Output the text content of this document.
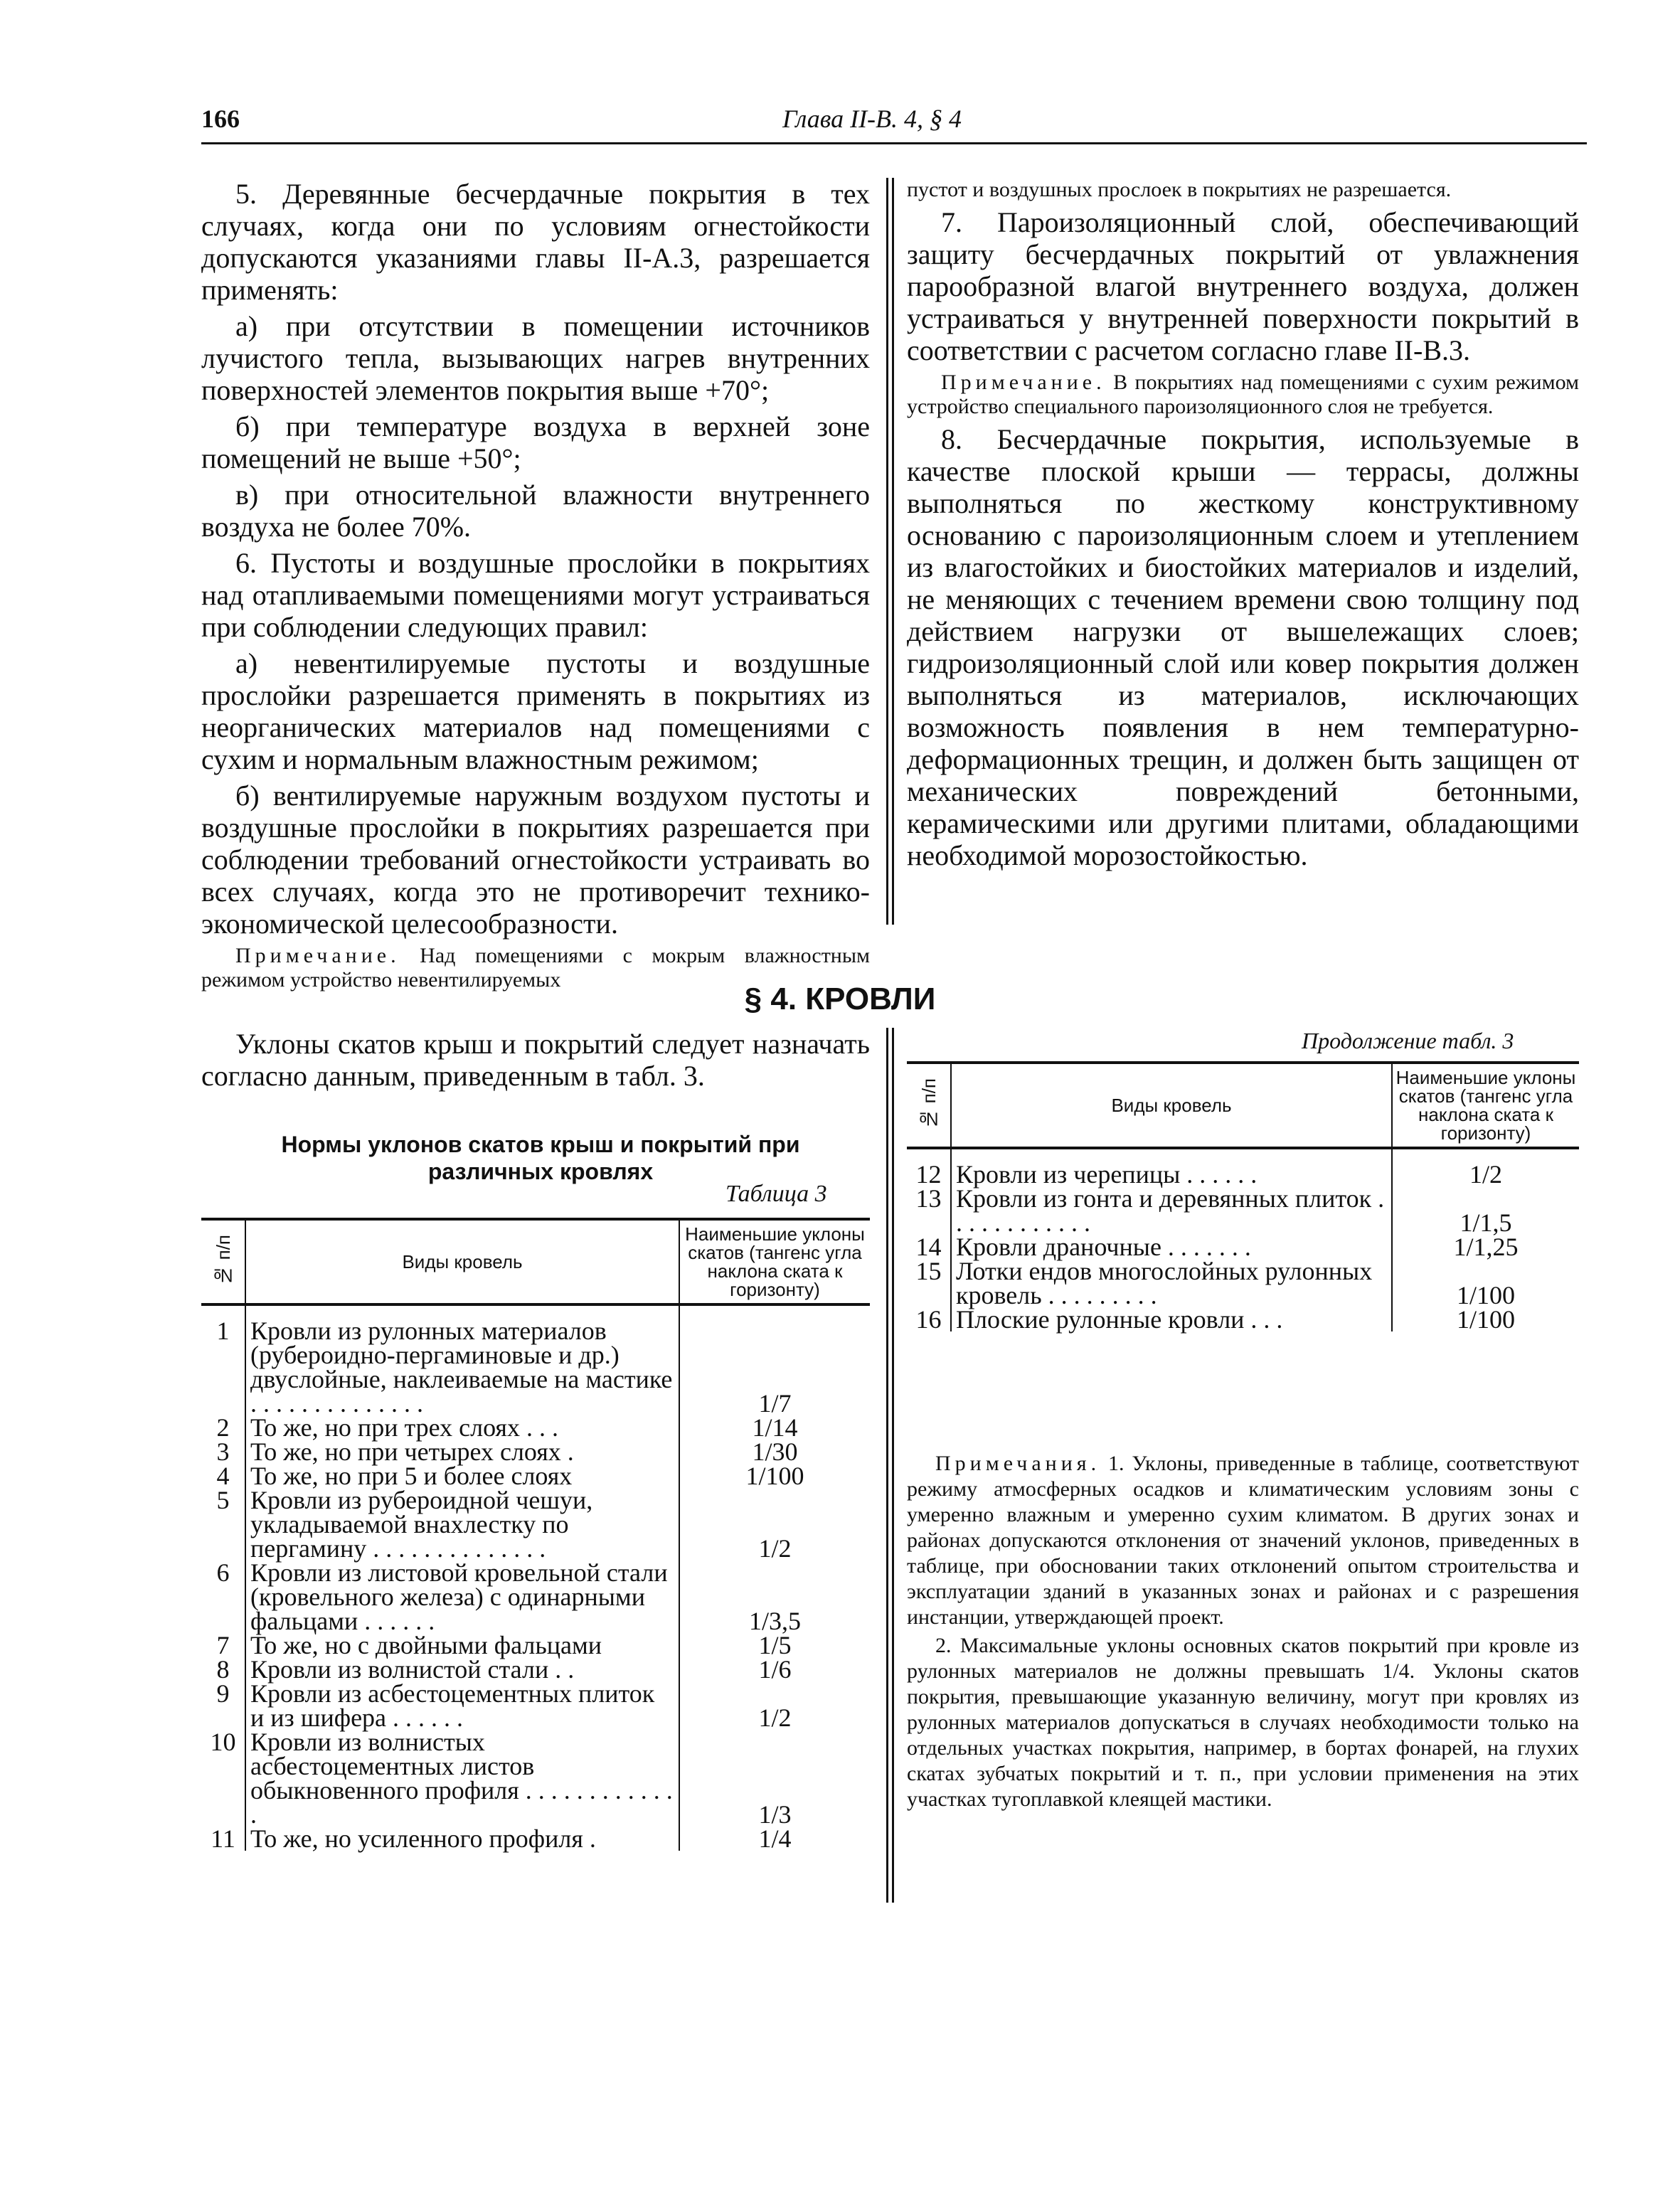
166	Глава II-В. 4, § 4

5. Деревянные бесчердачные покрытия в тех случаях, когда они по условиям огнестойкости допускаются указаниями главы II-А.3, разрешается применять:

а) при отсутствии в помещении источников лучистого тепла, вызывающих нагрев внутренних поверхностей элементов покрытия выше +70°;

б) при температуре воздуха в верхней зоне помещений не выше +50°;

в) при относительной влажности внутреннего воздуха не более 70%.

6. Пустоты и воздушные прослойки в покрытиях над отапливаемыми помещениями могут устраиваться при соблюдении следующих правил:

а) невентилируемые пустоты и воздушные прослойки разрешается применять в покрытиях из неорганических материалов над помещениями с сухим и нормальным влажностным режимом;

б) вентилируемые наружным воздухом пустоты и воздушные прослойки в покрытиях разрешается при соблюдении требований огнестойкости устраивать во всех случаях, когда это не противоречит технико-экономической целесообразности.

Примечание. Над помещениями с мокрым влажностным режимом устройство невентилируемых
пустот и воздушных прослоек в покрытиях не разрешается.

7. Пароизоляционный слой, обеспечивающий защиту бесчердачных покрытий от увлажнения парообразной влагой внутреннего воздуха, должен устраиваться у внутренней поверхности покрытий в соответствии с расчетом согласно главе II-В.3.

Примечание. В покрытиях над помещениями с сухим режимом устройство специального пароизоляционного слоя не требуется.

8. Бесчердачные покрытия, используемые в качестве плоской крыши — террасы, должны выполняться по жесткому конструктивному основанию с пароизоляционным слоем и утеплением из влагостойких и биостойких материалов и изделий, не меняющих с течением времени свою толщину под действием нагрузки от вышележащих слоев; гидроизоляционный слой или ковер покрытия должен выполняться из материалов, исключающих возможность появления в нем температурно-деформационных трещин, и должен быть защищен от механических повреждений бетонными, керамическими или другими плитами, обладающими необходимой морозостойкостью.

§ 4. КРОВЛИ

Уклоны скатов крыш и покрытий следует назначать согласно данным, приведенным в табл. 3.

Нормы уклонов скатов крыш и покрытий при различных кровлях
Таблица 3
№ п/п	Виды кровель	Наименьшие уклоны скатов (тангенс угла наклона ската к горизонту)

1	Кровли из рулонных материалов (рубероидно-пергаминовые и др.) двуслойные, наклеиваемые на мастике . . . . . . . . . . . . . .	1/7
2	То же, но при трех слоях . . .	1/14
3	То же, но при четырех слоях .	1/30
4	То же, но при 5 и более слоях	1/100
5	Кровли из рубероидной чешуи, укладываемой внахлестку по пергамину . . . . . . . . . . . . . .	1/2
6	Кровли из листовой кровельной стали (кровельного железа) с одинарными фальцами . . . . . .	1/3,5
7	То же, но с двойными фальцами	1/5
8	Кровли из волнистой стали . .	1/6
9	Кровли из асбестоцементных плиток и из шифера . . . . . .	1/2
10	Кровли из волнистых асбестоцементных листов обыкновенного профиля . . . . . . . . . . . . .	1/3
11	То же, но усиленного профиля .	1/4
Продолжение табл. 3
№ п/п	Виды кровель	Наименьшие уклоны скатов (тангенс угла наклона ската к горизонту)

12	Кровли из черепицы . . . . . .	1/2
13	Кровли из гонта и деревянных плиток . . . . . . . . . . . .	1/1,5
14	Кровли драночные . . . . . . .	1/1,25
15	Лотки ендов многослойных рулонных кровель . . . . . . . . .	1/100
16	Плоские рулонные кровли . . .	1/100

Примечания. 1. Уклоны, приведенные в таблице, соответствуют режиму атмосферных осадков и климатическим условиям зоны с умеренно влажным и умеренно сухим климатом. В других зонах и районах допускаются отклонения от значений уклонов, приведенных в таблице, при обосновании таких отклонений опытом строительства и эксплуатации зданий в указанных зонах и районах и с разрешения инстанции, утверждающей проект.

2. Максимальные уклоны основных скатов покрытий при кровле из рулонных материалов не должны превышать 1/4. Уклоны скатов покрытия, превышающие указанную величину, могут при кровлях из рулонных материалов допускаться в случаях необходимости только на отдельных участках покрытия, например, в бортах фонарей, на глухих скатах зубчатых покрытий и т. п., при условии применения на этих участках тугоплавкой клеящей мастики.
